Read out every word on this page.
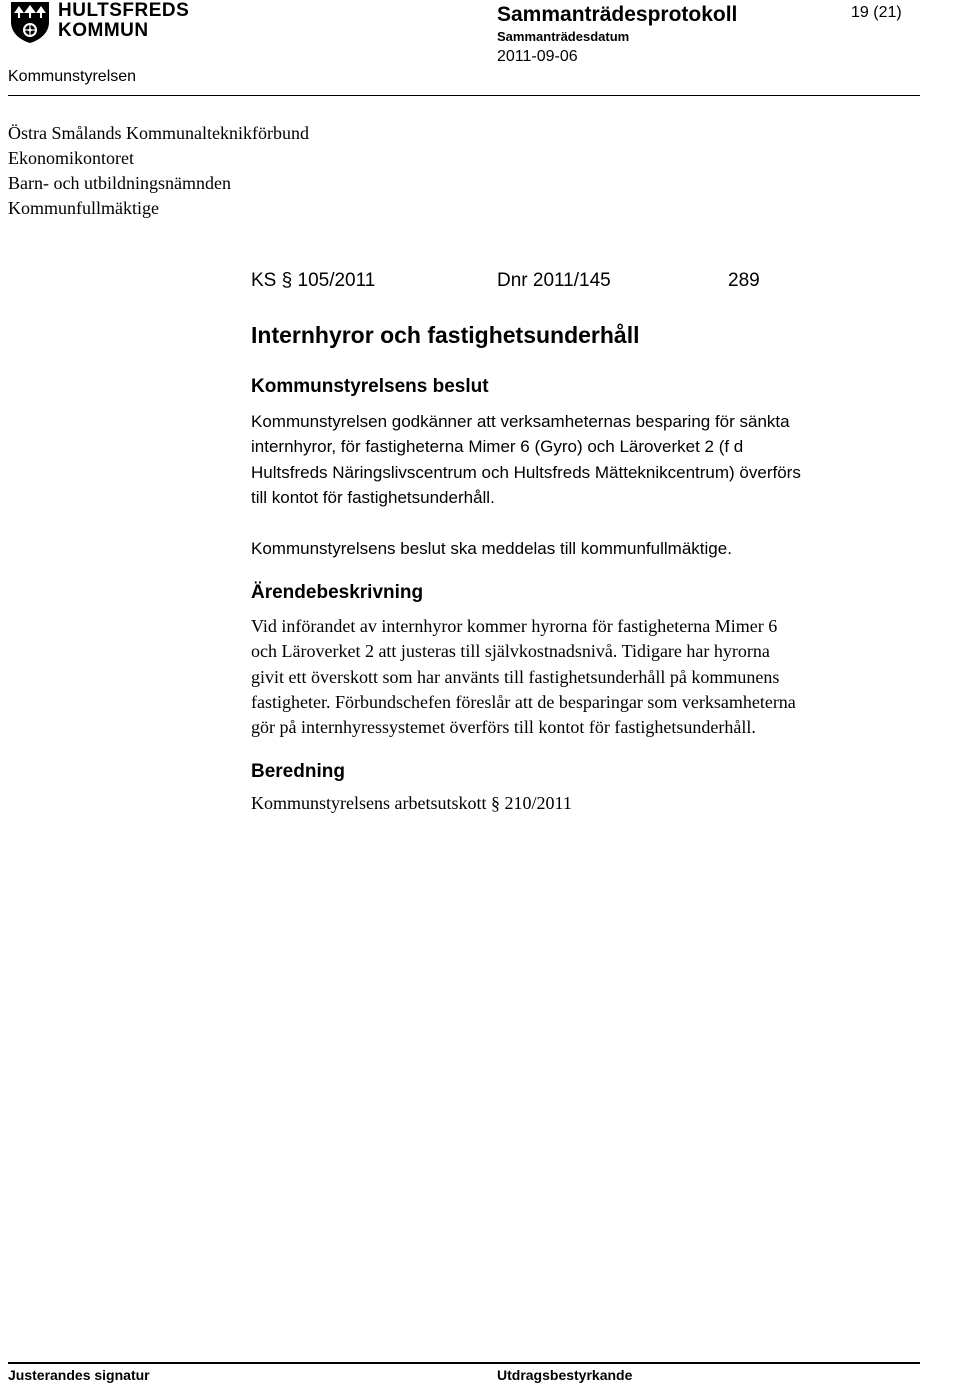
HULTSFREDS
KOMMUN
Sammanträdesprotokoll
Sammanträdesdatum
2011-09-06
19 (21)
Kommunstyrelsen
Östra Smålands Kommunalteknikförbund
Ekonomikontoret
Barn- och utbildningsnämnden
Kommunfullmäktige
KS § 105/2011	Dnr 2011/145	289
Internhyror och fastighetsunderhåll
Kommunstyrelsens beslut
Kommunstyrelsen godkänner att verksamheternas besparing för sänkta
internhyror, för fastigheterna Mimer 6 (Gyro) och Läroverket 2 (f d
Hultsfreds Näringslivscentrum och Hultsfreds Mätteknikcentrum) överförs
till kontot för fastighetsunderhåll.
Kommunstyrelsens beslut ska meddelas till kommunfullmäktige.
Ärendebeskrivning
Vid införandet av internhyror kommer hyrorna för fastigheterna Mimer 6
och Läroverket 2 att justeras till självkostnadsnivå. Tidigare har hyrorna
givit ett överskott som har använts till fastighetsunderhåll på kommunens
fastigheter. Förbundschefen föreslår att de besparingar som verksamheterna
gör på internhyressystemet överförs till kontot för fastighetsunderhåll.
Beredning
Kommunstyrelsens arbetsutskott § 210/2011
Justerandes signatur	Utdragsbestyrkande
